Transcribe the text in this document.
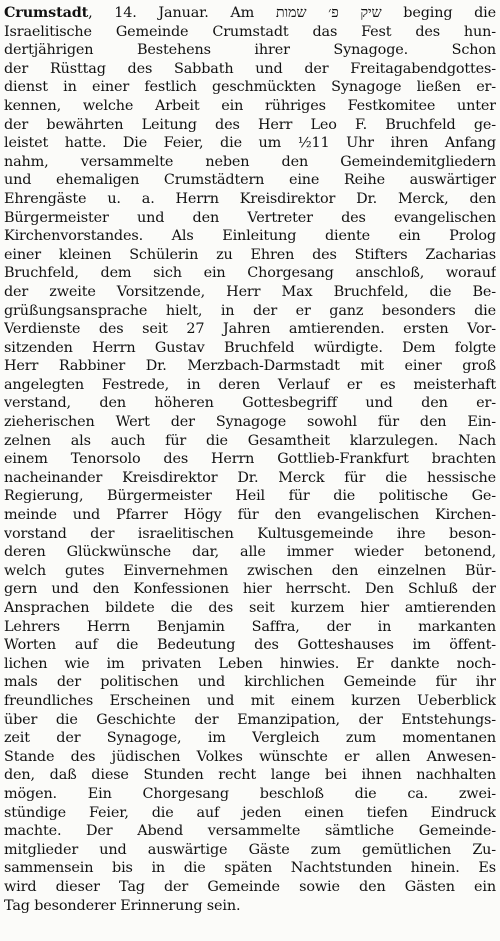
Crumstadt, 14. Januar. Am שיק פ׳ שמות beging die
Israelitische Gemeinde Crumstadt das Fest des hun-
dertjährigen Bestehens ihrer Synagoge. Schon
der Rüsttag des Sabbath und der Freitagabendgottes-
dienst in einer festlich geschmückten Synagoge ließen er-
kennen, welche Arbeit ein rühriges Festkomitee unter
der bewährten Leitung des Herr Leo F. Bruchfeld ge-
leistet hatte. Die Feier, die um ½11 Uhr ihren Anfang
nahm, versammelte neben den Gemeindemitgliedern
und ehemaligen Crumstädtern eine Reihe auswärtiger
Ehrengäste u. a. Herrn Kreisdirektor Dr. Merck, den
Bürgermeister und den Vertreter des evangelischen
Kirchenvorstandes. Als Einleitung diente ein Prolog
einer kleinen Schülerin zu Ehren des Stifters Zacharias
Bruchfeld, dem sich ein Chorgesang anschloß, worauf
der zweite Vorsitzende, Herr Max Bruchfeld, die Be-
grüßungsansprache hielt, in der er ganz besonders die
Verdienste des seit 27 Jahren amtierenden. ersten Vor-
sitzenden Herrn Gustav Bruchfeld würdigte. Dem folgte
Herr Rabbiner Dr. Merzbach-Darmstadt mit einer groß
angelegten Festrede, in deren Verlauf er es meisterhaft
verstand, den höheren Gottesbegriff und den er-
zieherischen Wert der Synagoge sowohl für den Ein-
zelnen als auch für die Gesamtheit klarzulegen. Nach
einem Tenorsolo des Herrn Gottlieb-Frankfurt brachten
nacheinander Kreisdirektor Dr. Merck für die hessische
Regierung, Bürgermeister Heil für die politische Ge-
meinde und Pfarrer Högy für den evangelischen Kirchen-
vorstand der israelitischen Kultusgemeinde ihre beson-
deren Glückwünsche dar, alle immer wieder betonend,
welch gutes Einvernehmen zwischen den einzelnen Bür-
gern und den Konfessionen hier herrscht. Den Schluß der
Ansprachen bildete die des seit kurzem hier amtierenden
Lehrers Herrn Benjamin Saffra, der in markanten
Worten auf die Bedeutung des Gotteshauses im öffent-
lichen wie im privaten Leben hinwies. Er dankte noch-
mals der politischen und kirchlichen Gemeinde für ihr
freundliches Erscheinen und mit einem kurzen Ueberblick
über die Geschichte der Emanzipation, der Entstehungs-
zeit der Synagoge, im Vergleich zum momentanen
Stande des jüdischen Volkes wünschte er allen Anwesen-
den, daß diese Stunden recht lange bei ihnen nachhalten
mögen. Ein Chorgesang beschloß die ca. zwei-
stündige Feier, die auf jeden einen tiefen Eindruck
machte. Der Abend versammelte sämtliche Gemeinde-
mitglieder und auswärtige Gäste zum gemütlichen Zu-
sammensein bis in die späten Nachtstunden hinein. Es
wird dieser Tag der Gemeinde sowie den Gästen ein
Tag besonderer Erinnerung sein.
